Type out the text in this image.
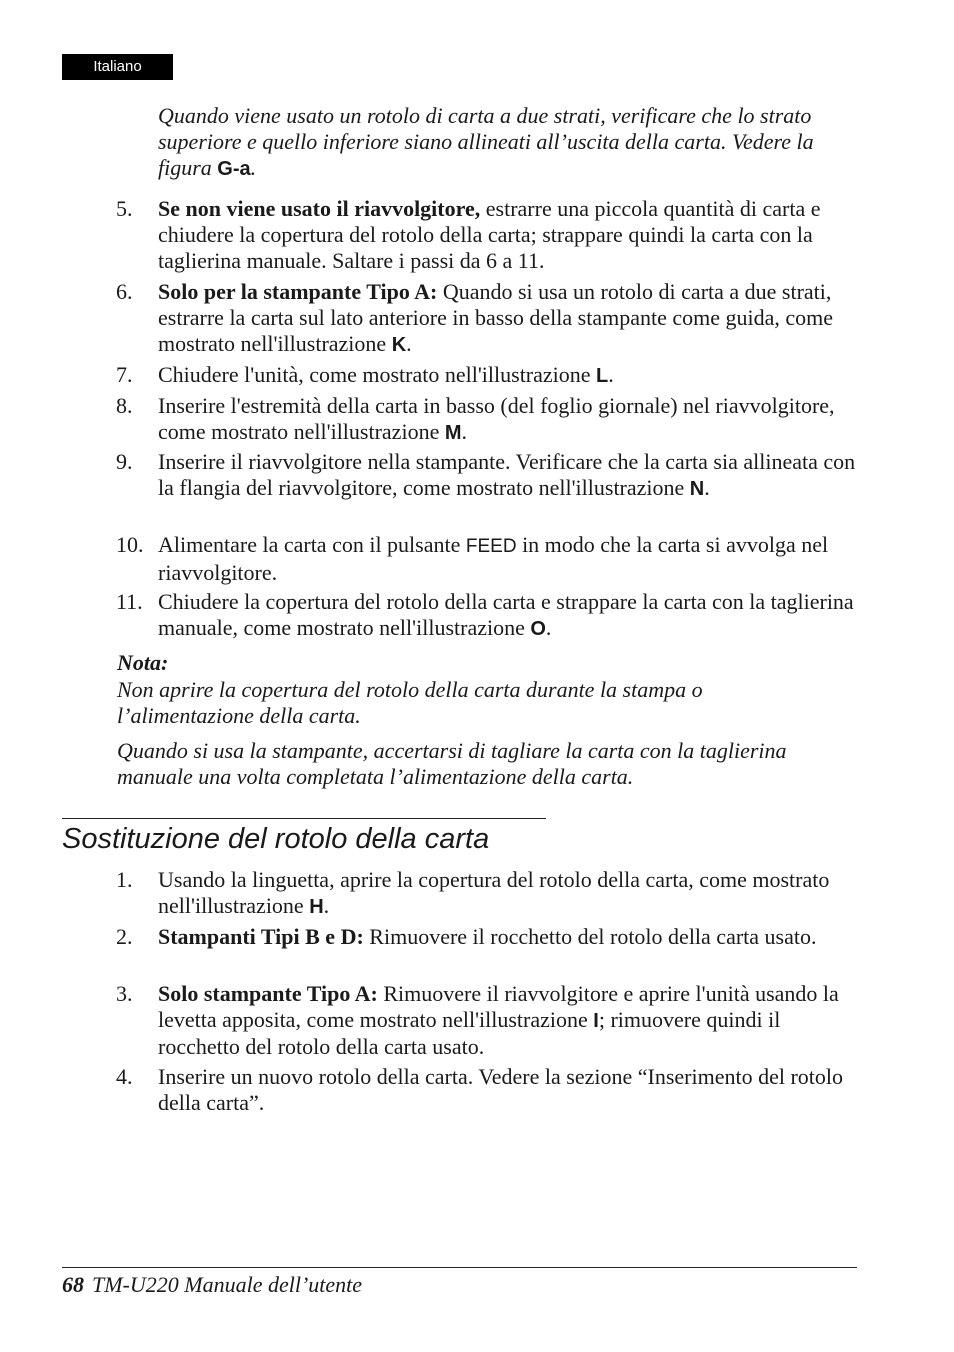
Italiano

Quando viene usato un rotolo di carta a due strati, verificare che lo strato superiore e quello inferiore siano allineati all’uscita della carta. Vedere la figura G-a.

5. Se non viene usato il riavvolgitore, estrarre una piccola quantità di carta e chiudere la copertura del rotolo della carta; strappare quindi la carta con la taglierina manuale. Saltare i passi da 6 a 11.
6. Solo per la stampante Tipo A: Quando si usa un rotolo di carta a due strati, estrarre la carta sul lato anteriore in basso della stampante come guida, come mostrato nell'illustrazione K.
7. Chiudere l'unità, come mostrato nell'illustrazione L.
8. Inserire l'estremità della carta in basso (del foglio giornale) nel riavvolgitore, come mostrato nell'illustrazione M.
9. Inserire il riavvolgitore nella stampante. Verificare che la carta sia allineata con la flangia del riavvolgitore, come mostrato nell'illustrazione N.
10. Alimentare la carta con il pulsante FEED in modo che la carta si avvolga nel riavvolgitore.
11. Chiudere la copertura del rotolo della carta e strappare la carta con la taglierina manuale, come mostrato nell'illustrazione O.

Nota:

Non aprire la copertura del rotolo della carta durante la stampa o l’alimentazione della carta.

Quando si usa la stampante, accertarsi di tagliare la carta con la taglierina manuale una volta completata l’alimentazione della carta.

Sostituzione del rotolo della carta
1. Usando la linguetta, aprire la copertura del rotolo della carta, come mostrato nell'illustrazione H.
2. Stampanti Tipi B e D: Rimuovere il rocchetto del rotolo della carta usato.
3. Solo stampante Tipo A: Rimuovere il riavvolgitore e aprire l'unità usando la levetta apposita, come mostrato nell'illustrazione I; rimuovere quindi il rocchetto del rotolo della carta usato.
4. Inserire un nuovo rotolo della carta. Vedere la sezione “Inserimento del rotolo della carta”.
68 TM-U220 Manuale dell’utente
